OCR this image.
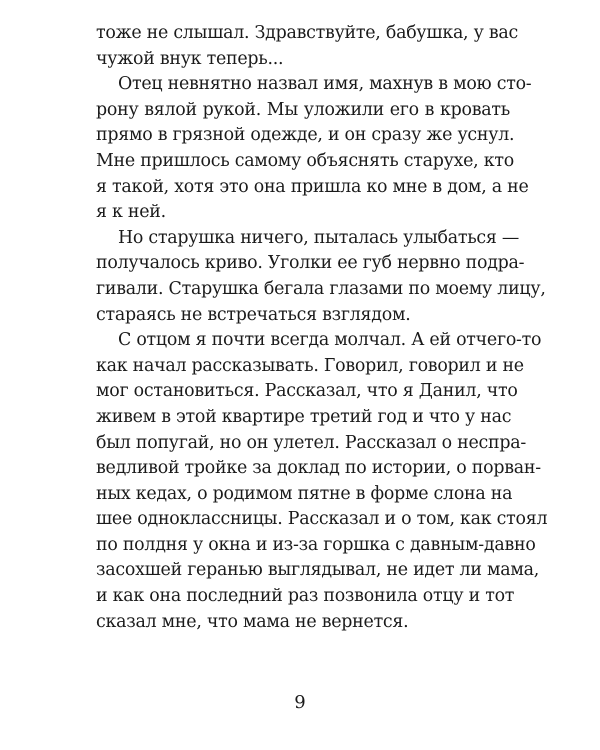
тоже не слышал. Здравствуйте, бабушка, у вас
чужой внук теперь...
Отец невнятно назвал имя, махнув в мою сто-
рону вялой рукой. Мы уложили его в кровать
прямо в грязной одежде, и он сразу же уснул.
Мне пришлось самому объяснять старухе, кто
я такой, хотя это она пришла ко мне в дом, а не
я к ней.
Но старушка ничего, пыталась улыбаться —
получалось криво. Уголки ее губ нервно подра-
гивали. Старушка бегала глазами по моему лицу,
стараясь не встречаться взглядом.
С отцом я почти всегда молчал. А ей отчего-то
как начал рассказывать. Говорил, говорил и не
мог остановиться. Рассказал, что я Данил, что
живем в этой квартире третий год и что у нас
был попугай, но он улетел. Рассказал о неспра-
ведливой тройке за доклад по истории, о порван-
ных кедах, о родимом пятне в форме слона на
шее одноклассницы. Рассказал и о том, как стоял
по полдня у окна и из-за горшка с давным-давно
засохшей геранью выглядывал, не идет ли мама,
и как она последний раз позвонила отцу и тот
сказал мне, что мама не вернется.
9
